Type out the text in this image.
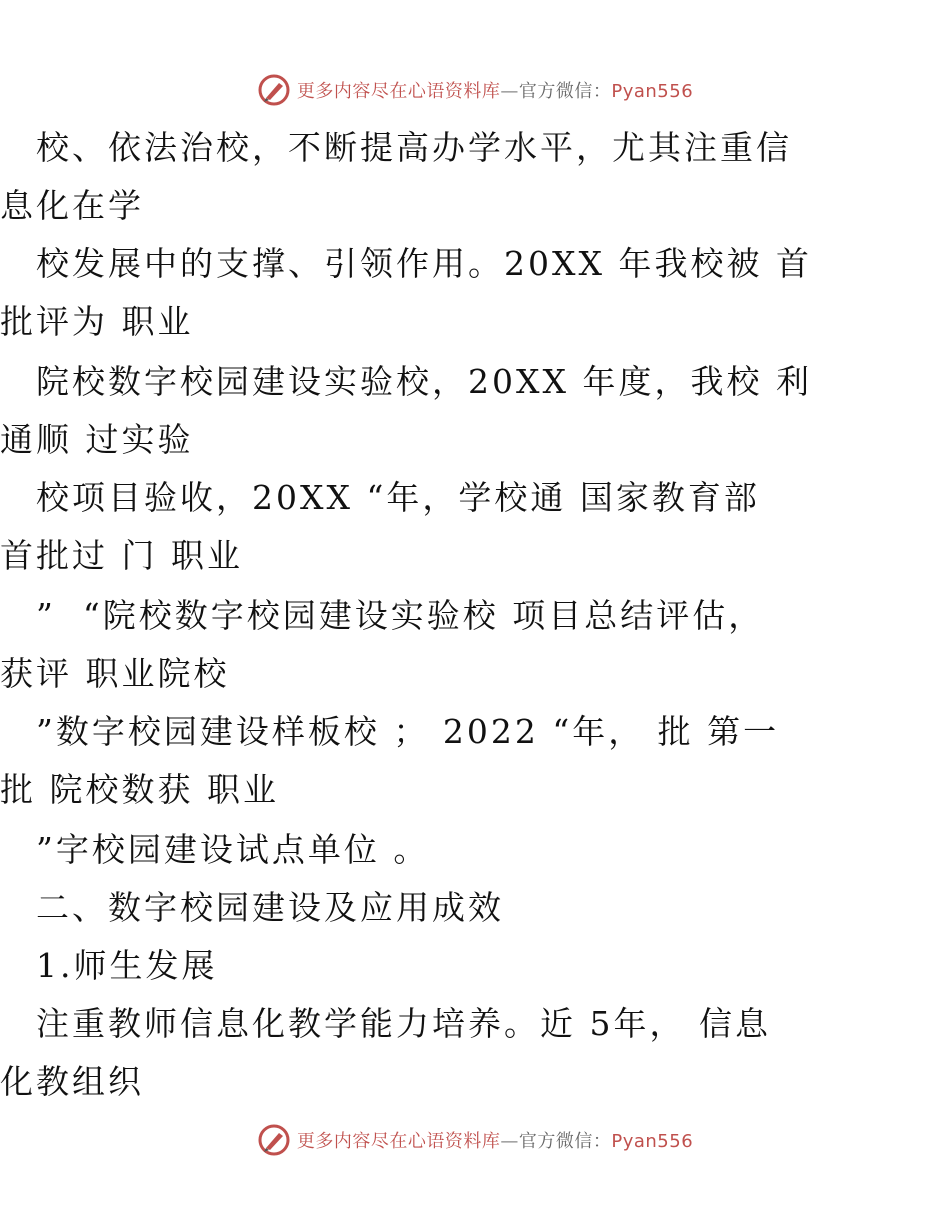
更多内容尽在心语资料库—官方微信：Pyan556
　校、依法治校，不断提高办学水平，尤其注重信
息化在学
　校发展中的支撑、引领作用。20XX 年我校被 首
批评为 职业
　院校数字校园建设实验校，20XX 年度，我校 利
通顺 过实验
　校项目验收，20XX “年，学校通 国家教育部
首批过 门 职业
　”  “院校数字校园建设实验校 项目总结评估，
获评 职业院校
　”数字校园建设样板校 ； 2022 “年， 批 第一
批 院校数获 职业
　”字校园建设试点单位 。
　二、数字校园建设及应用成效
　1.师生发展
　注重教师信息化教学能力培养。近 5年， 信息
化教组织
更多内容尽在心语资料库—官方微信：Pyan556
